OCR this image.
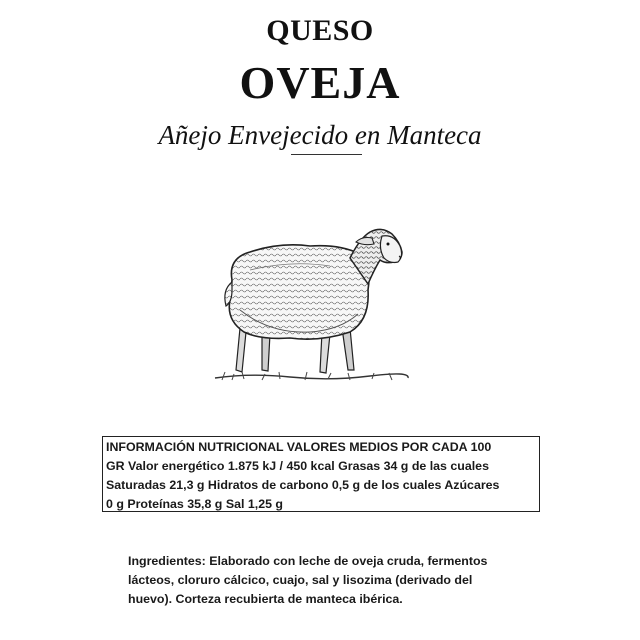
QUESO
OVEJA
Añejo Envejecido en Manteca
INFORMACIÓN NUTRICIONAL VALORES MEDIOS POR CADA 100
GR Valor energético 1.875 kJ / 450 kcal Grasas 34 g de las cuales
Saturadas 21,3 g Hidratos de carbono 0,5 g de los cuales Azúcares
0 g Proteínas 35,8 g Sal 1,25 g
Ingredientes: Elaborado con leche de oveja cruda, fermentos
lácteos, cloruro cálcico, cuajo, sal y lisozima (derivado del
huevo). Corteza recubierta de manteca ibérica.
